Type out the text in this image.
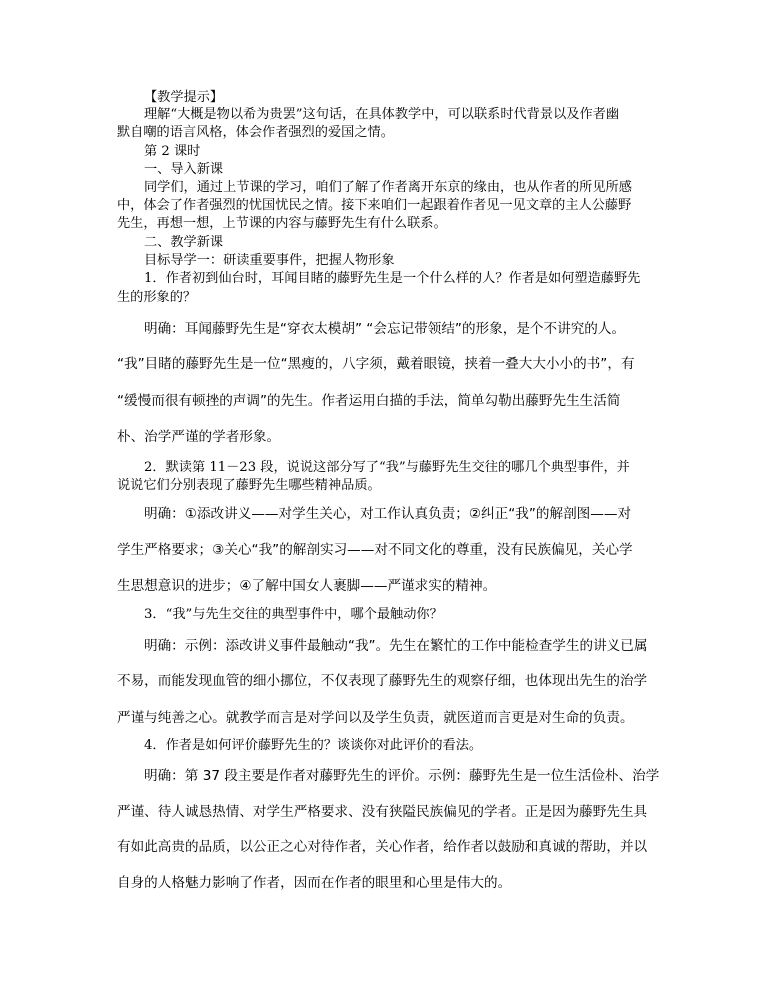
【教学提示】
理解“大概是物以希为贵罢”这句话，在具体教学中，可以联系时代背景以及作者幽
默自嘲的语言风格，体会作者强烈的爱国之情。
第 2 课时
一、导入新课
同学们，通过上节课的学习，咱们了解了作者离开东京的缘由，也从作者的所见所感
中，体会了作者强烈的忧国忧民之情。接下来咱们一起跟着作者见一见文章的主人公藤野
先生，再想一想，上节课的内容与藤野先生有什么联系。
二、教学新课
目标导学一：研读重要事件，把握人物形象
1．作者初到仙台时，耳闻目睹的藤野先生是一个什么样的人？作者是如何塑造藤野先
生的形象的？
明确：耳闻藤野先生是“穿衣太模胡” “会忘记带领结”的形象，是个不讲究的人。
“我”目睹的藤野先生是一位“黑瘦的，八字须，戴着眼镜，挟着一叠大大小小的书”，有
“缓慢而很有顿挫的声调”的先生。作者运用白描的手法，简单勾勒出藤野先生生活简
朴、治学严谨的学者形象。
2．默读第 11－23 段，说说这部分写了“我”与藤野先生交往的哪几个典型事件，并
说说它们分别表现了藤野先生哪些精神品质。
明确：①添改讲义——对学生关心，对工作认真负责；②纠正“我”的解剖图——对
学生严格要求；③关心“我”的解剖实习——对不同文化的尊重，没有民族偏见，关心学
生思想意识的进步；④了解中国女人裹脚——严谨求实的精神。
3．“我”与先生交往的典型事件中，哪个最触动你？
明确：示例：添改讲义事件最触动“我”。先生在繁忙的工作中能检查学生的讲义已属
不易，而能发现血管的细小挪位，不仅表现了藤野先生的观察仔细，也体现出先生的治学
严谨与纯善之心。就教学而言是对学问以及学生负责，就医道而言更是对生命的负责。
4．作者是如何评价藤野先生的？谈谈你对此评价的看法。
明确：第 37 段主要是作者对藤野先生的评价。示例：藤野先生是一位生活俭朴、治学
严谨、待人诚恳热情、对学生严格要求、没有狭隘民族偏见的学者。正是因为藤野先生具
有如此高贵的品质，以公正之心对待作者，关心作者，给作者以鼓励和真诚的帮助，并以
自身的人格魅力影响了作者，因而在作者的眼里和心里是伟大的。
